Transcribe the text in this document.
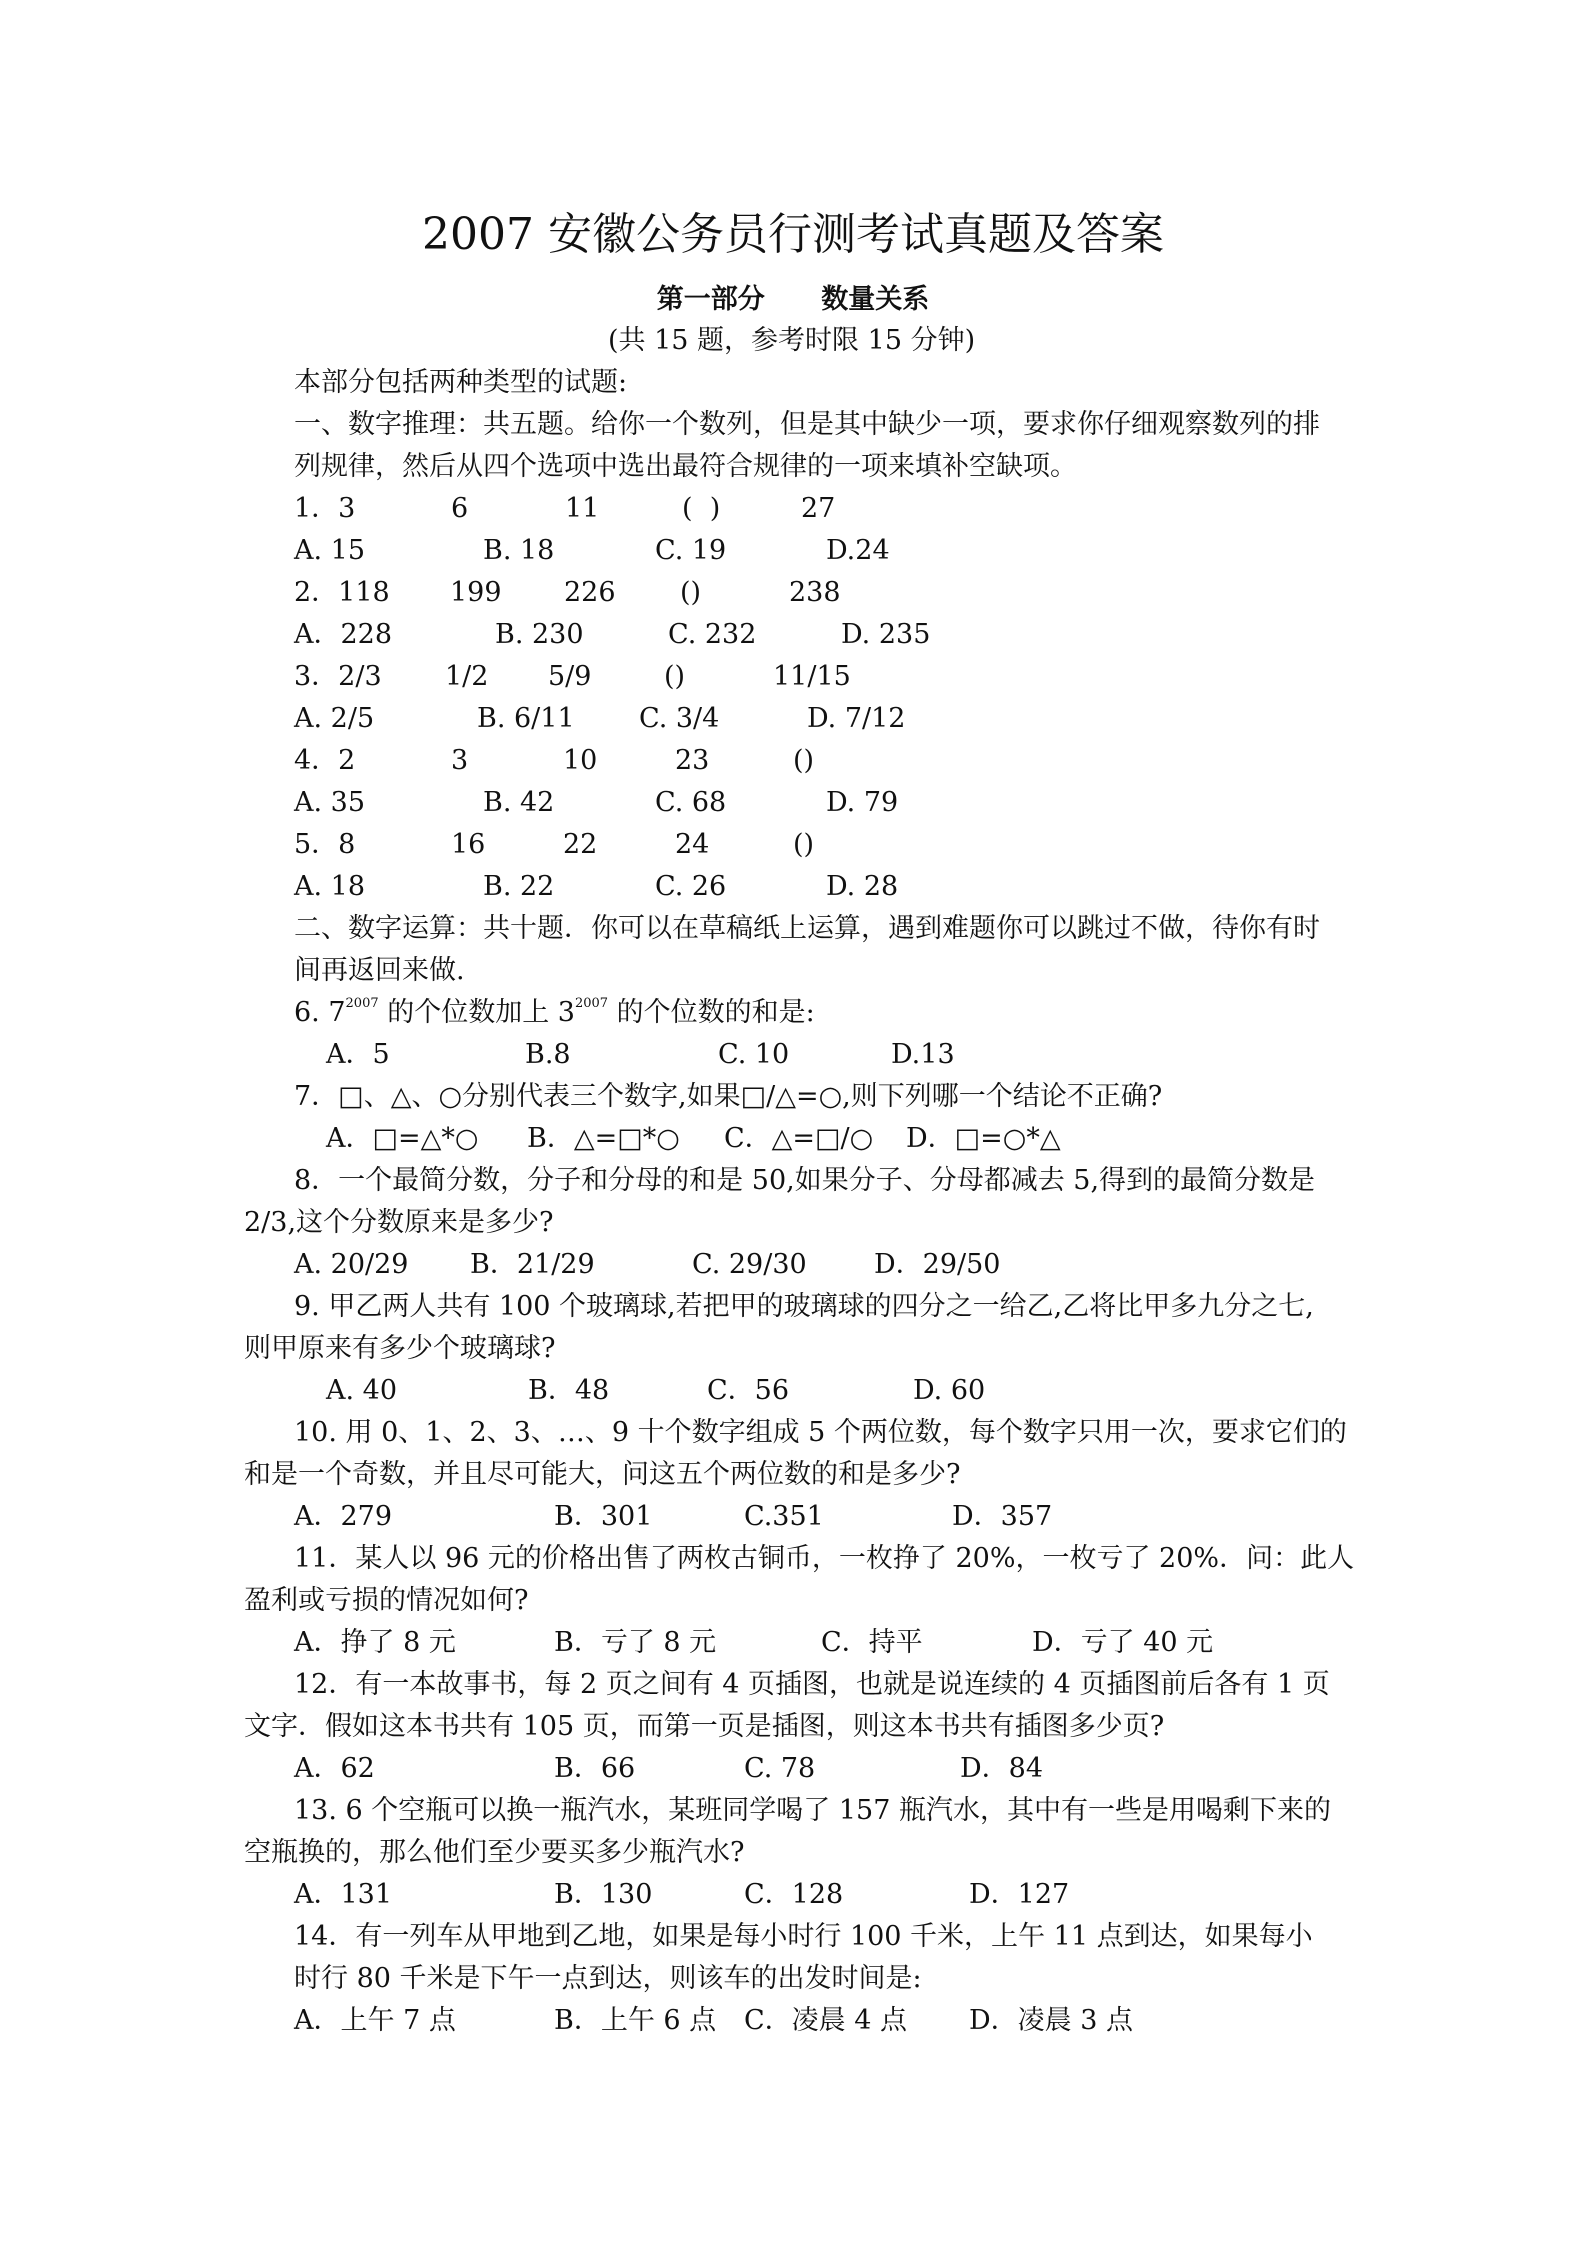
2007 安徽公务员行测考试真题及答案
第一部分      数量关系
(共 15 题，参考时限 15 分钟)
本部分包括两种类型的试题:
一、数字推理：共五题。给你一个数列，但是其中缺少一项，要求你仔细观察数列的排
列规律，然后从四个选项中选出最符合规律的一项来填补空缺项。
1．3	6	11	(  )	27
A. 15	B. 18	C. 19	D.24
2．118 199 226 ()	238
A．228	B. 230	C. 232	D. 235
3．2/3 1/2 5/9	()	11/15
A. 2/5	B. 6/11 C. 3/4	D. 7/12
4．2	3	10	23	()
A. 35	B. 42	C. 68	D. 79
5．8	16	22	24	()
A. 18	B. 22	C. 26	D. 28
二、数字运算：共十题．你可以在草稿纸上运算，遇到难题你可以跳过不做，待你有时
间再返回来做.
6. $7^{2007}$ 的个位数加上 $3^{2007}$ 的个位数的和是:
A．5	B.8	C. 10	D.13
7．□、△、○分别代表三个数字,如果□/△=○,则下列哪一个结论不正确?
A．□=△*○ B．△=□*○ C．△=□/○ D．□=○*△
8．一个最简分数，分子和分母的和是 50,如果分子、分母都减去 5,得到的最简分数是
2/3,这个分数原来是多少?
A. 20/29 B．21/29	C. 29/30 D．29/50
9. 甲乙两人共有 100 个玻璃球,若把甲的玻璃球的四分之一给乙,乙将比甲多九分之七,
则甲原来有多少个玻璃球?
A. 40	B．48	C．56	D. 60
10. 用 0、1、2、3、…、9 十个数字组成 5 个两位数，每个数字只用一次，要求它们的
和是一个奇数，并且尽可能大，问这五个两位数的和是多少?
A．279	B．301	C.351	D．357
11．某人以 96 元的价格出售了两枚古铜币，一枚挣了 20%，一枚亏了 20%．问：此人
盈利或亏损的情况如何?
A．挣了 8 元	B．亏了 8 元	C．持平	D．亏了 40 元
12．有一本故事书，每 2 页之间有 4 页插图，也就是说连续的 4 页插图前后各有 1 页
文字．假如这本书共有 105 页，而第一页是插图，则这本书共有插图多少页?
A．62	B．66	C. 78	D．84
13. 6 个空瓶可以换一瓶汽水，某班同学喝了 157 瓶汽水，其中有一些是用喝剩下来的
空瓶换的，那么他们至少要买多少瓶汽水?
A．131	B．130	C．128	D．127
14．有一列车从甲地到乙地，如果是每小时行 100 千米，上午 11 点到达，如果每小
时行 80 千米是下午一点到达，则该车的出发时间是:
A．上午 7 点	B．上午 6 点 C．凌晨 4 点 D．凌晨 3 点
